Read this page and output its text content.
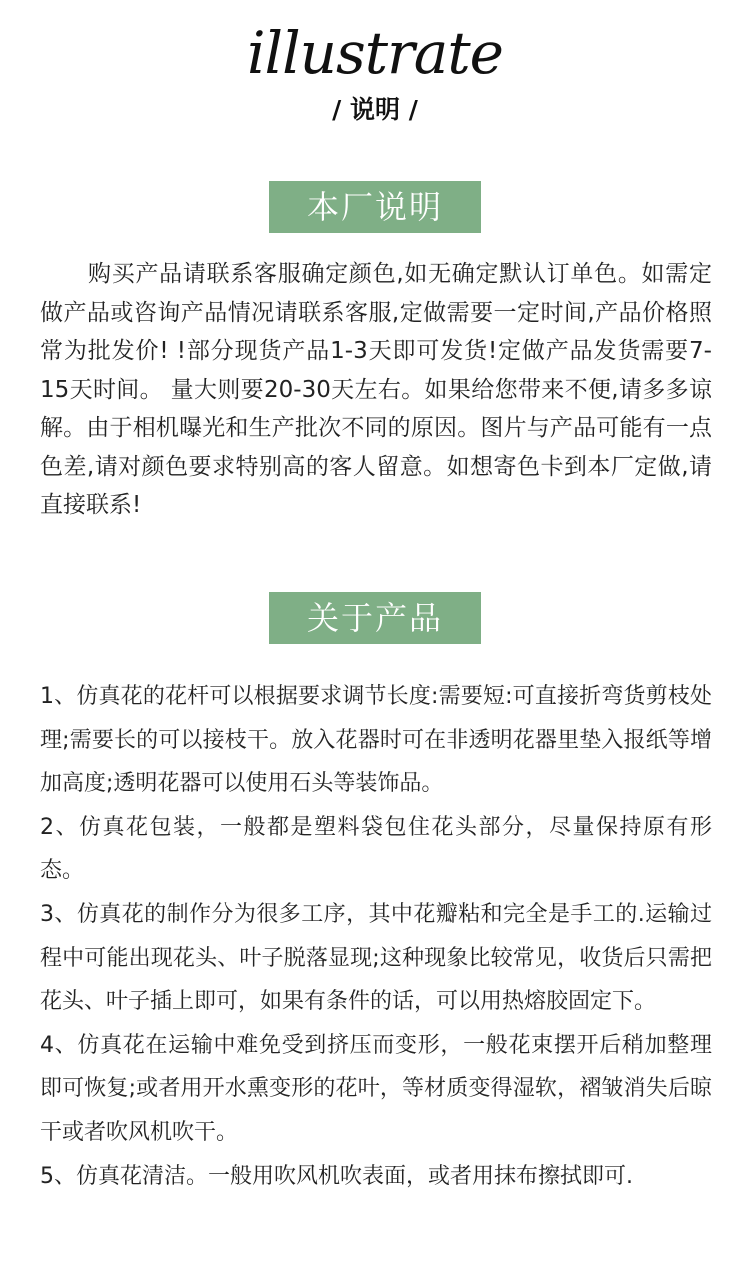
illustrate
/ 说明 /
本厂说明

购买产品请联系客服确定颜色,如无确定默认订单色。如需定做产品或咨询产品情况请联系客服,定做需要一定时间,产品价格照常为批发价! !部分现货产品1-3天即可发货!定做产品发货需要7-15天时间。 量大则要20-30天左右。如果给您带来不便,请多多谅解。由于相机曝光和生产批次不同的原因。图片与产品可能有一点色差,请对颜色要求特别高的客人留意。如想寄色卡到本厂定做,请直接联系!

关于产品
1、仿真花的花杆可以根据要求调节长度:需要短:可直接折弯货剪枝处理;需要长的可以接枝干。放入花器时可在非透明花器里垫入报纸等增加高度;透明花器可以使用石头等装饰品。
2、仿真花包装，一般都是塑料袋包住花头部分，尽量保持原有形态。
3、仿真花的制作分为很多工序，其中花瓣粘和完全是手工的.运输过程中可能出现花头、叶子脱落显现;这种现象比较常见，收货后只需把花头、叶子插上即可，如果有条件的话，可以用热熔胶固定下。
4、仿真花在运输中难免受到挤压而变形，一般花束摆开后稍加整理即可恢复;或者用开水熏变形的花叶，等材质变得湿软，褶皱消失后晾干或者吹风机吹干。
5、仿真花清洁。一般用吹风机吹表面，或者用抹布擦拭即可.
